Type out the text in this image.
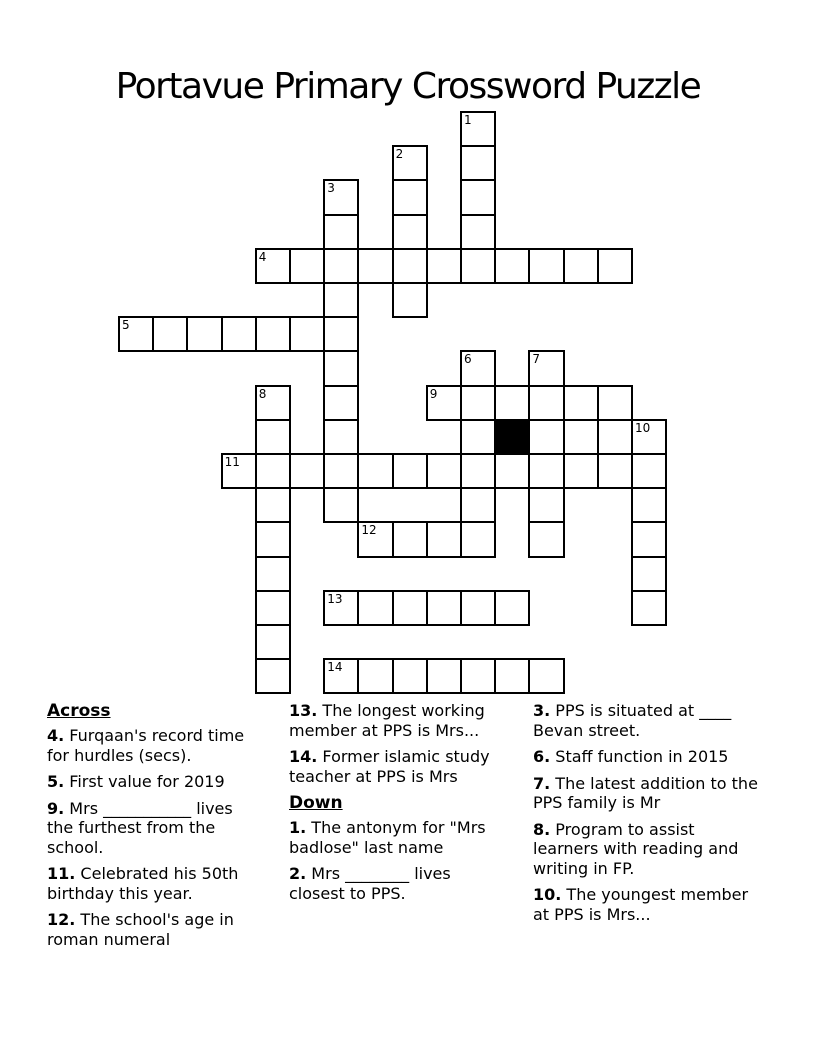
Portavue Primary Crossword Puzzle
1
2
3
4
5
6	7
8	9
10
11
12
13
14
Across

4. Furqaan's record time for hurdles (secs).

5. First value for 2019

9. Mrs ___________ lives the furthest from the school.

11. Celebrated his 50th birthday this year.

12. The school's age in roman numeral

13. The longest working member at PPS is Mrs...

14. Former islamic study teacher at PPS is Mrs

Down

1. The antonym for "Mrs badlose" last name

2. Mrs ________ lives closest to PPS.

3. PPS is situated at ____ Bevan street.

6. Staff function in 2015

7. The latest addition to the PPS family is Mr

8. Program to assist learners with reading and writing in FP.

10. The youngest member at PPS is Mrs...
